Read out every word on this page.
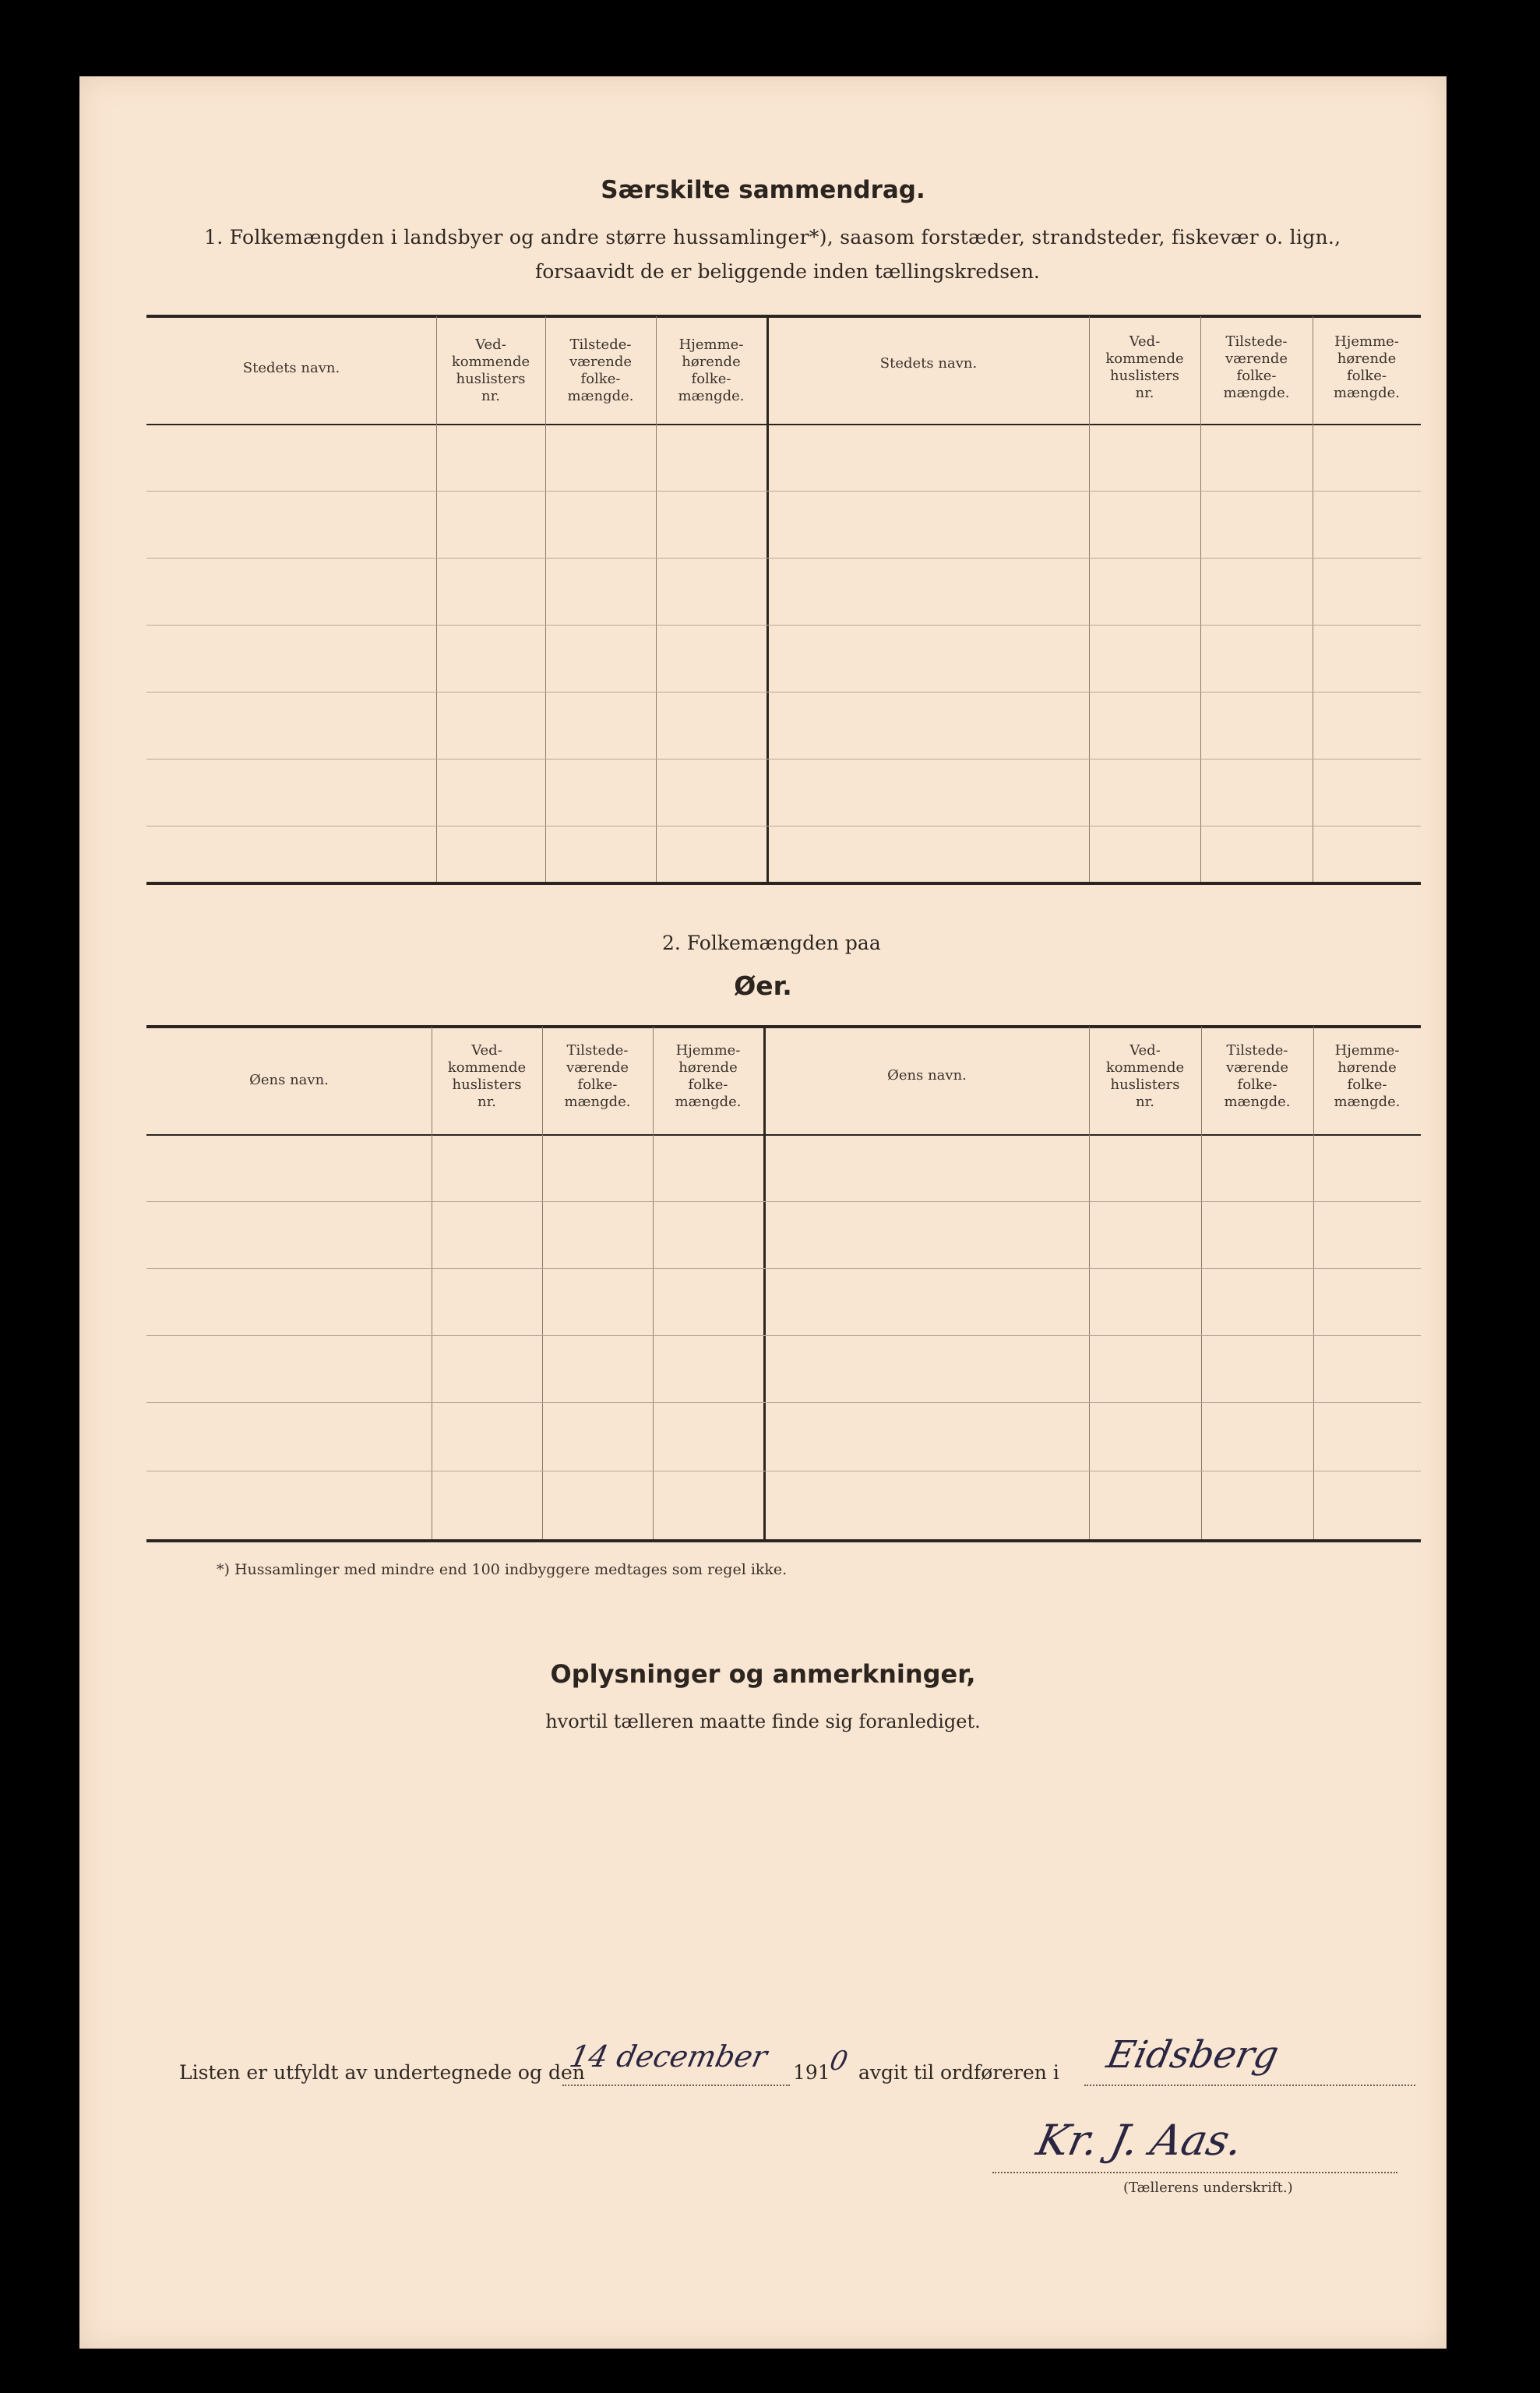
Særskilte sammendrag.
1. Folkemængden i landsbyer og andre større hussamlinger*), saasom forstæder, strandsteder, fiskevær o. lign.,
forsaavidt de er beliggende inden tællingskredsen.
Stedets navn.
Ved-
kommende
huslisters
nr.
Tilstede-
værende
folke-
mængde.
Hjemme-
hørende
folke-
mængde.
Stedets navn.
Ved-
kommende
huslisters
nr.
Tilstede-
værende
folke-
mængde.
Hjemme-
hørende
folke-
mængde.
2. Folkemængden paa
Øer.
Øens navn.
Ved-
kommende
huslisters
nr.
Tilstede-
værende
folke-
mængde.
Hjemme-
hørende
folke-
mængde.
Øens navn.
Ved-
kommende
huslisters
nr.
Tilstede-
værende
folke-
mængde.
Hjemme-
hørende
folke-
mængde.
*) Hussamlinger med mindre end 100 indbyggere medtages som regel ikke.
Oplysninger og anmerkninger,
hvortil tælleren maatte finde sig foranlediget.
Listen er utfyldt av undertegnede og den
14 december 191
0 avgit til ordføreren i Eidsberg
Kr. J. Aas.
(Tællerens underskrift.)
